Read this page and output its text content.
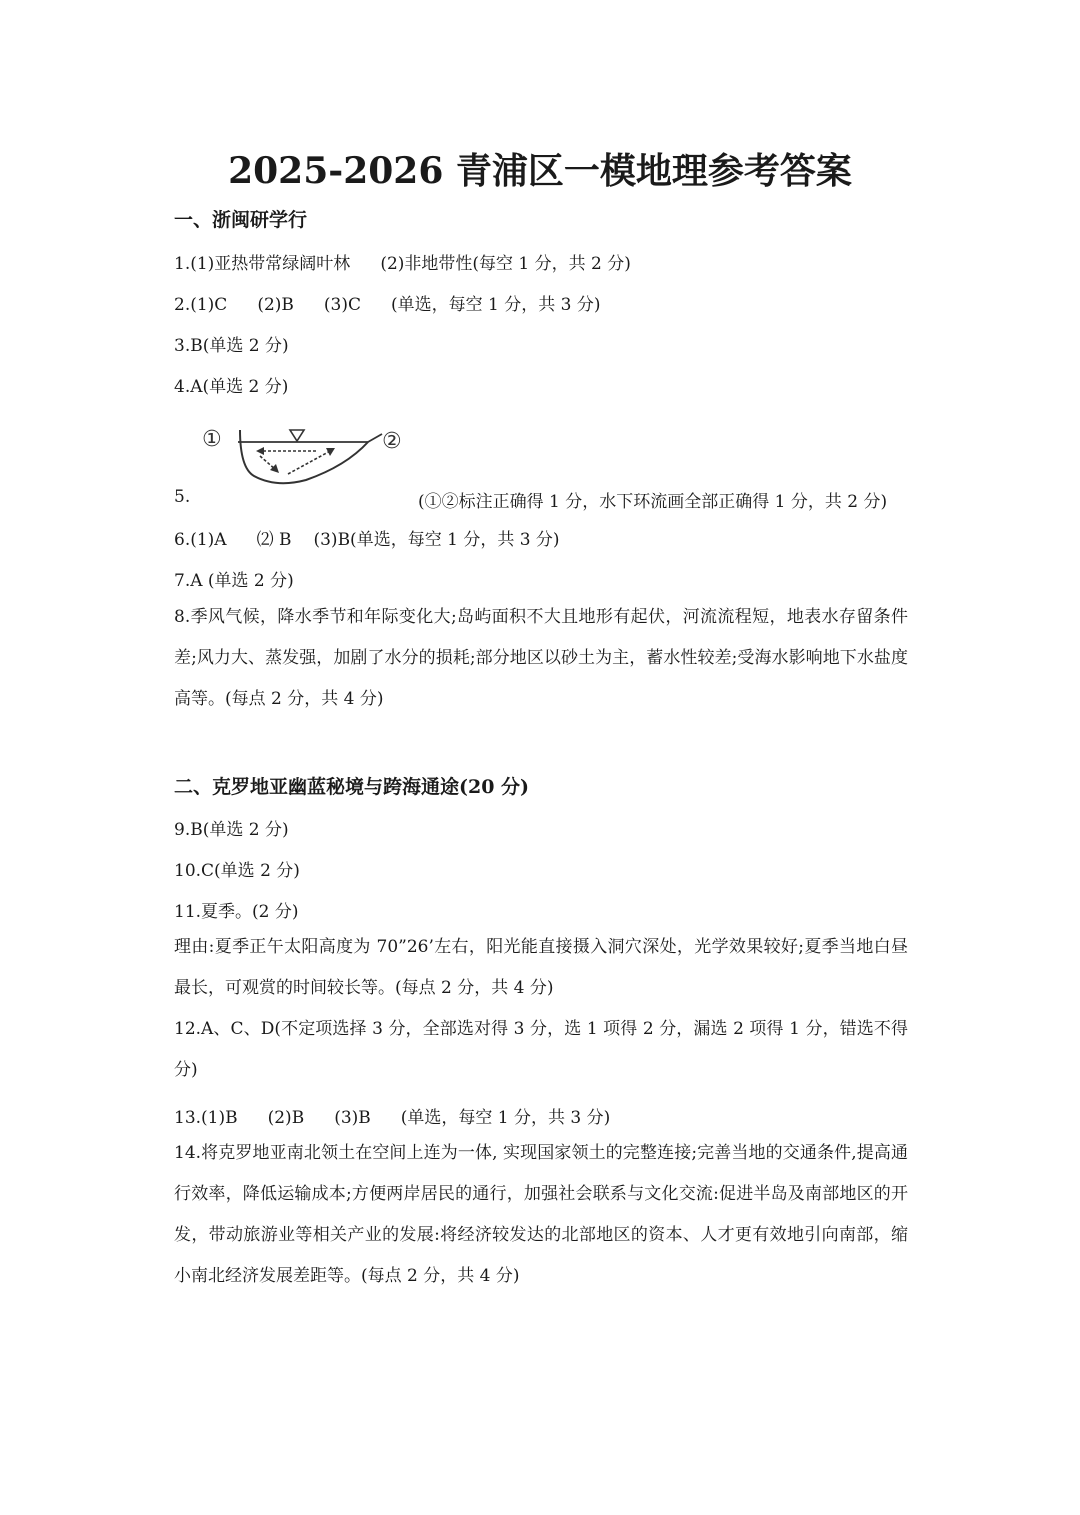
2025-2026 青浦区一模地理参考答案
一、浙闽研学行
1.(1)亚热带常绿阔叶林 (2)非地带性(每空 1 分，共 2 分)
2.(1)C (2)B (3)C (单选，每空 1 分，共 3 分)
3.B(单选 2 分)
4.A(单选 2 分)
①	②
5.	(①②标注正确得 1 分，水下环流画全部正确得 1 分，共 2 分)
6.(1)A ⑵ B (3)B(单选，每空 1 分，共 3 分)
7.A (单选 2 分)
8.季风气候，降水季节和年际变化大;岛屿面积不大且地形有起伏，河流流程短，地表水存留条件差;风力大、蒸发强，加剧了水分的损耗;部分地区以砂土为主，蓄水性较差;受海水影响地下水盐度高等。(每点 2 分，共 4 分)
二、克罗地亚幽蓝秘境与跨海通途(20 分)
9.B(单选 2 分)
10.C(单选 2 分)
11.夏季。(2 分)
理由:夏季正午太阳高度为 70”26’左右，阳光能直接摄入洞穴深处，光学效果较好;夏季当地白昼最长，可观赏的时间较长等。(每点 2 分，共 4 分)
12.A、C、D(不定项选择 3 分，全部选对得 3 分，选 1 项得 2 分，漏选 2 项得 1 分，错选不得分)
13.(1)B (2)B (3)B (单选，每空 1 分，共 3 分)
14.将克罗地亚南北领土在空间上连为一体, 实现国家领土的完整连接;完善当地的交通条件,提高通行效率，降低运输成本;方便两岸居民的通行，加强社会联系与文化交流:促进半岛及南部地区的开发，带动旅游业等相关产业的发展:将经济较发达的北部地区的资本、人才更有效地引向南部，缩小南北经济发展差距等。(每点 2 分，共 4 分)
